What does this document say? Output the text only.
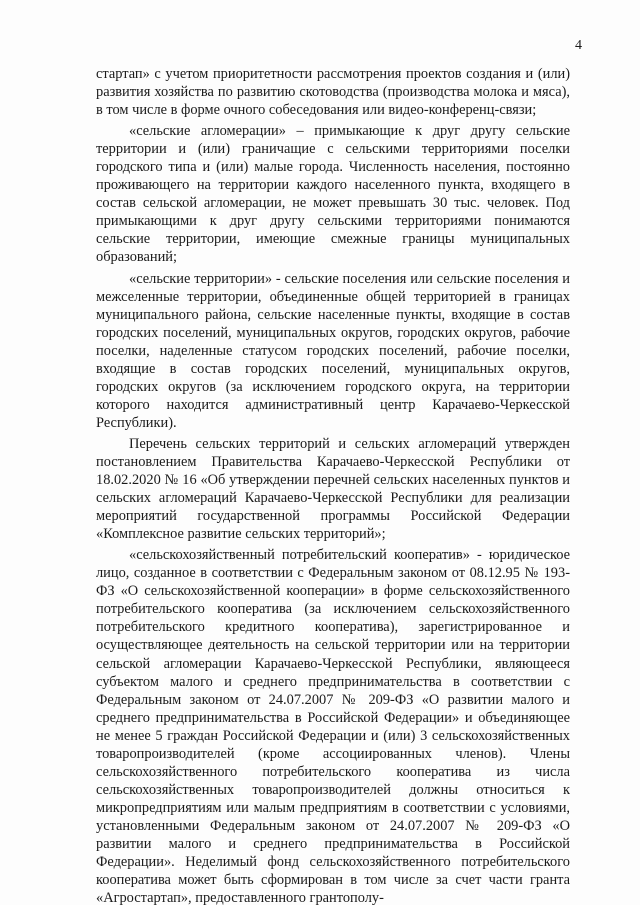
4

стартап» с учетом приоритетности рассмотрения проектов создания и (или) развития хозяйства по развитию скотоводства (производства молока и мяса), в том числе в форме очного собеседования или видео-конференц-связи;

«сельские агломерации» – примыкающие к друг другу сельские территории и (или) граничащие с сельскими территориями поселки городского типа и (или) малые города. Численность населения, постоянно проживающего на территории каждого населенного пункта, входящего в состав сельской агломерации, не может превышать 30 тыс. человек. Под примыкающими к друг другу сельскими территориями понимаются сельские территории, имеющие смежные границы муниципальных образований;

«сельские территории» - сельские поселения или сельские поселения и межселенные территории, объединенные общей территорией в границах муниципального района, сельские населенные пункты, входящие в состав городских поселений, муниципальных округов, городских округов, рабочие поселки, наделенные статусом городских поселений, рабочие поселки, входящие в состав городских поселений, муниципальных округов, городских округов (за исключением городского округа, на территории которого находится административный центр Карачаево-Черкесской Республики).

Перечень сельских территорий и сельских агломераций утвержден постановлением Правительства Карачаево-Черкесской Республики от 18.02.2020 № 16 «Об утверждении перечней сельских населенных пунктов и сельских агломераций Карачаево-Черкесской Республики для реализации мероприятий государственной программы Российской Федерации «Комплексное развитие сельских территорий»;

«сельскохозяйственный потребительский кооператив» - юридическое лицо, созданное в соответствии с Федеральным законом от 08.12.95 № 193-ФЗ «О сельскохозяйственной кооперации» в форме сельскохозяйственного потребительского кооператива (за исключением сельскохозяйственного потребительского кредитного кооператива), зарегистрированное и осуществляющее деятельность на сельской территории или на территории сельской агломерации Карачаево-Черкесской Республики, являющееся субъектом малого и среднего предпринимательства в соответствии с Федеральным законом от 24.07.2007 № 209-ФЗ «О развитии малого и среднего предпринимательства в Российской Федерации» и объединяющее не менее 5 граждан Российской Федерации и (или) 3 сельскохозяйственных товаропроизводителей (кроме ассоциированных членов). Члены сельскохозяйственного потребительского кооператива из числа сельскохозяйственных товаропроизводителей должны относиться к микропредприятиям или малым предприятиям в соответствии с условиями, установленными Федеральным законом от 24.07.2007 № 209-ФЗ «О развитии малого и среднего предпринимательства в Российской Федерации». Неделимый фонд сельскохозяйственного потребительского кооператива может быть сформирован в том числе за счет части гранта «Агростартап», предоставленного грантополу-
